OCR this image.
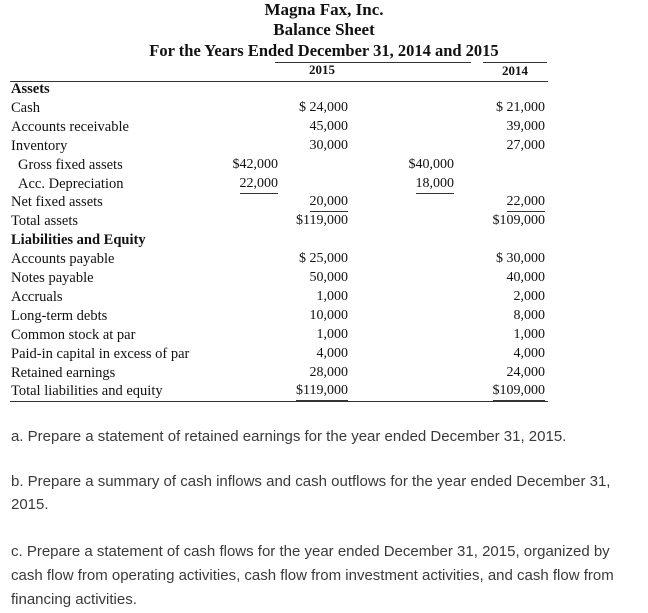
Magna Fax, Inc.
Balance Sheet
For the Years Ended December 31, 2014 and 2015
2015	2014
Assets
Cash	$ 24,000	$ 21,000
Accounts receivable	45,000	39,000
Inventory	30,000	27,000
Gross fixed assets	$42,000	$40,000
Acc. Depreciation	22,000	18,000
Net fixed assets	20,000	22,000
Total assets	$119,000	$109,000
Liabilities and Equity
Accounts payable	$ 25,000	$ 30,000
Notes payable	50,000	40,000
Accruals	1,000	2,000
Long-term debts	10,000	8,000
Common stock at par	1,000	1,000
Paid-in capital in excess of par	4,000	4,000
Retained earnings	28,000	24,000
Total liabilities and equity	$119,000	$109,000
a. Prepare a statement of retained earnings for the year ended December 31, 2015.
b. Prepare a summary of cash inflows and cash outflows for the year ended December 31, 2015.
c. Prepare a statement of cash flows for the year ended December 31, 2015, organized by cash flow from operating activities, cash flow from investment activities, and cash flow from financing activities.
